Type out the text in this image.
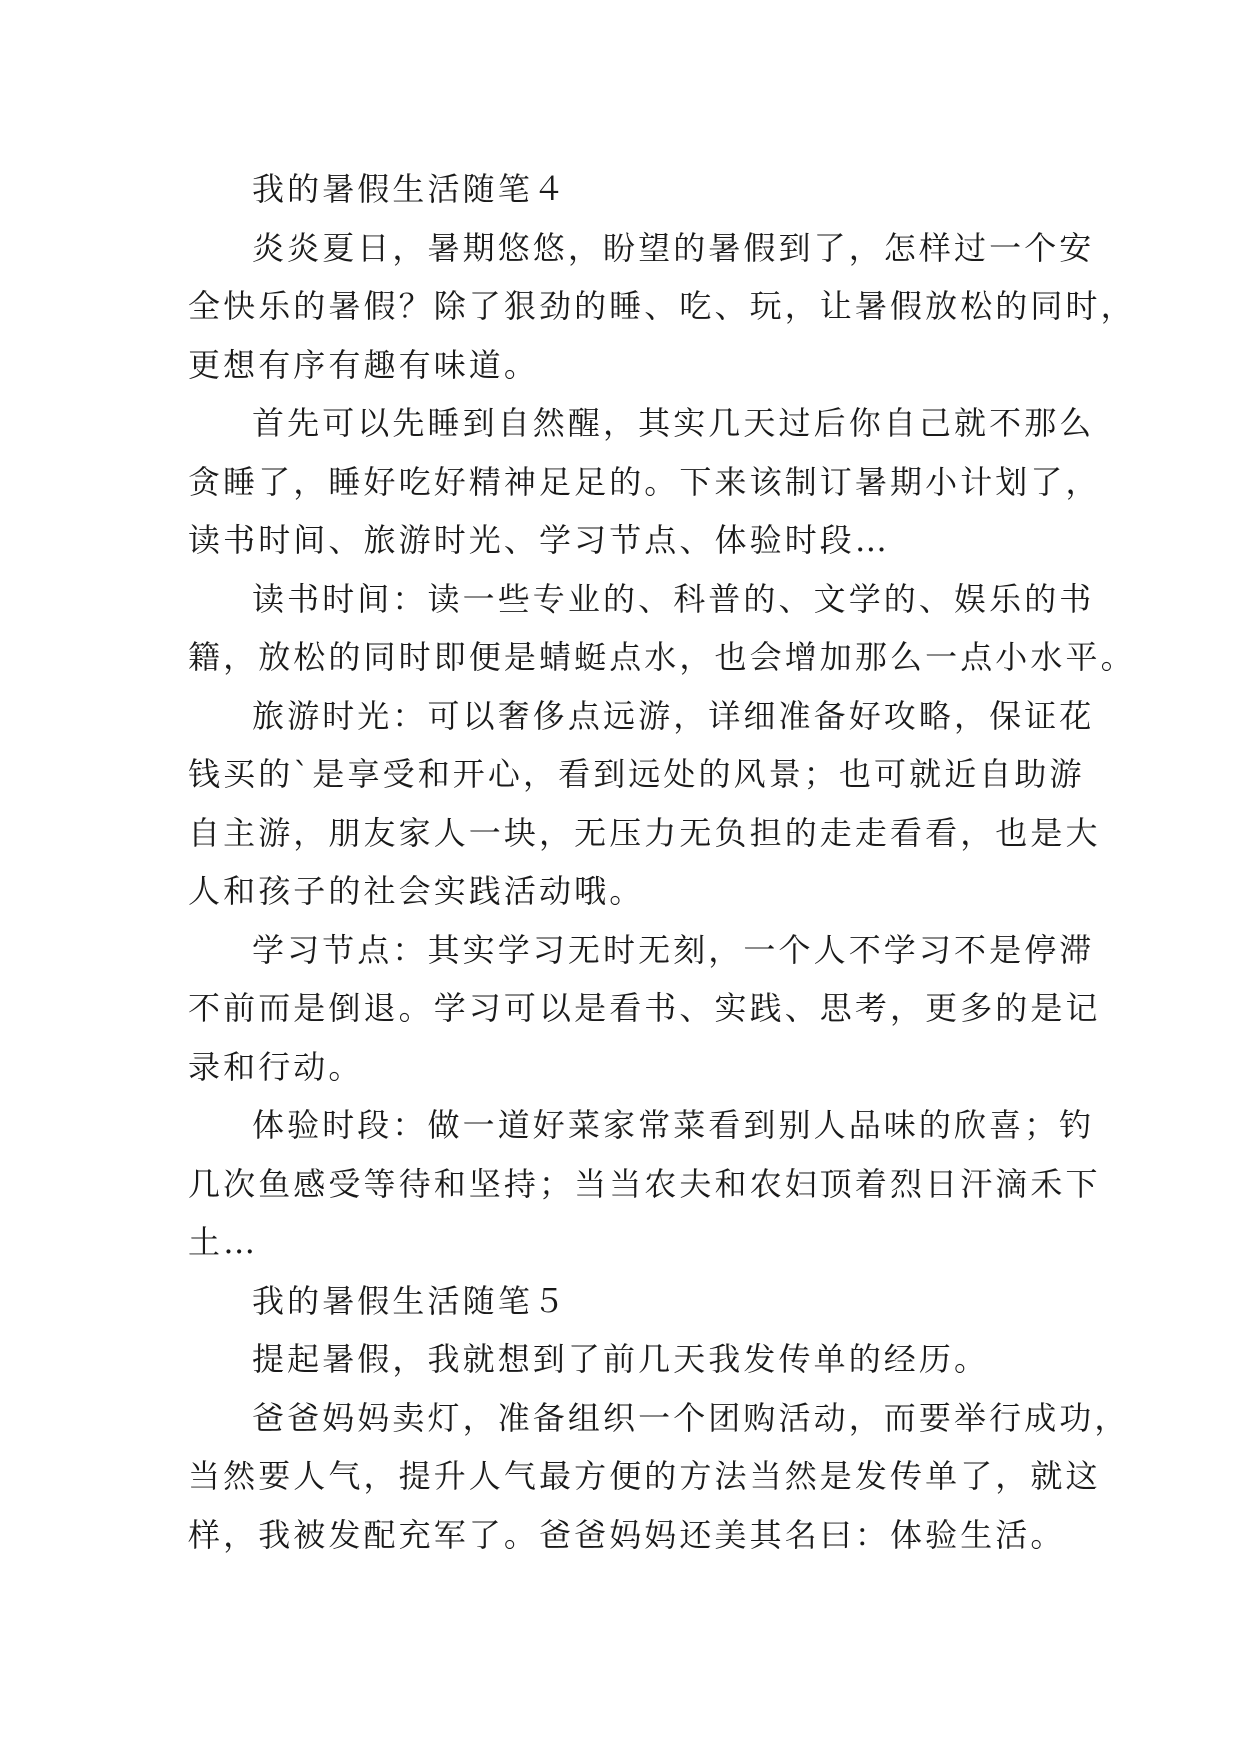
我的暑假生活随笔４
炎炎夏日，暑期悠悠，盼望的暑假到了，怎样过一个安
全快乐的暑假？除了狠劲的睡、吃、玩，让暑假放松的同时，
更想有序有趣有味道。
首先可以先睡到自然醒，其实几天过后你自己就不那么
贪睡了，睡好吃好精神足足的。下来该制订暑期小计划了，
读书时间、旅游时光、学习节点、体验时段…
读书时间：读一些专业的、科普的、文学的、娱乐的书
籍，放松的同时即便是蜻蜓点水，也会增加那么一点小水平。
旅游时光：可以奢侈点远游，详细准备好攻略，保证花
钱买的`是享受和开心，看到远处的风景；也可就近自助游
自主游，朋友家人一块，无压力无负担的走走看看，也是大
人和孩子的社会实践活动哦。
学习节点：其实学习无时无刻，一个人不学习不是停滞
不前而是倒退。学习可以是看书、实践、思考，更多的是记
录和行动。
体验时段：做一道好菜家常菜看到别人品味的欣喜；钓
几次鱼感受等待和坚持；当当农夫和农妇顶着烈日汗滴禾下
土…
我的暑假生活随笔５
提起暑假，我就想到了前几天我发传单的经历。
爸爸妈妈卖灯，准备组织一个团购活动，而要举行成功，
当然要人气，提升人气最方便的方法当然是发传单了，就这
样，我被发配充军了。爸爸妈妈还美其名曰：体验生活。
